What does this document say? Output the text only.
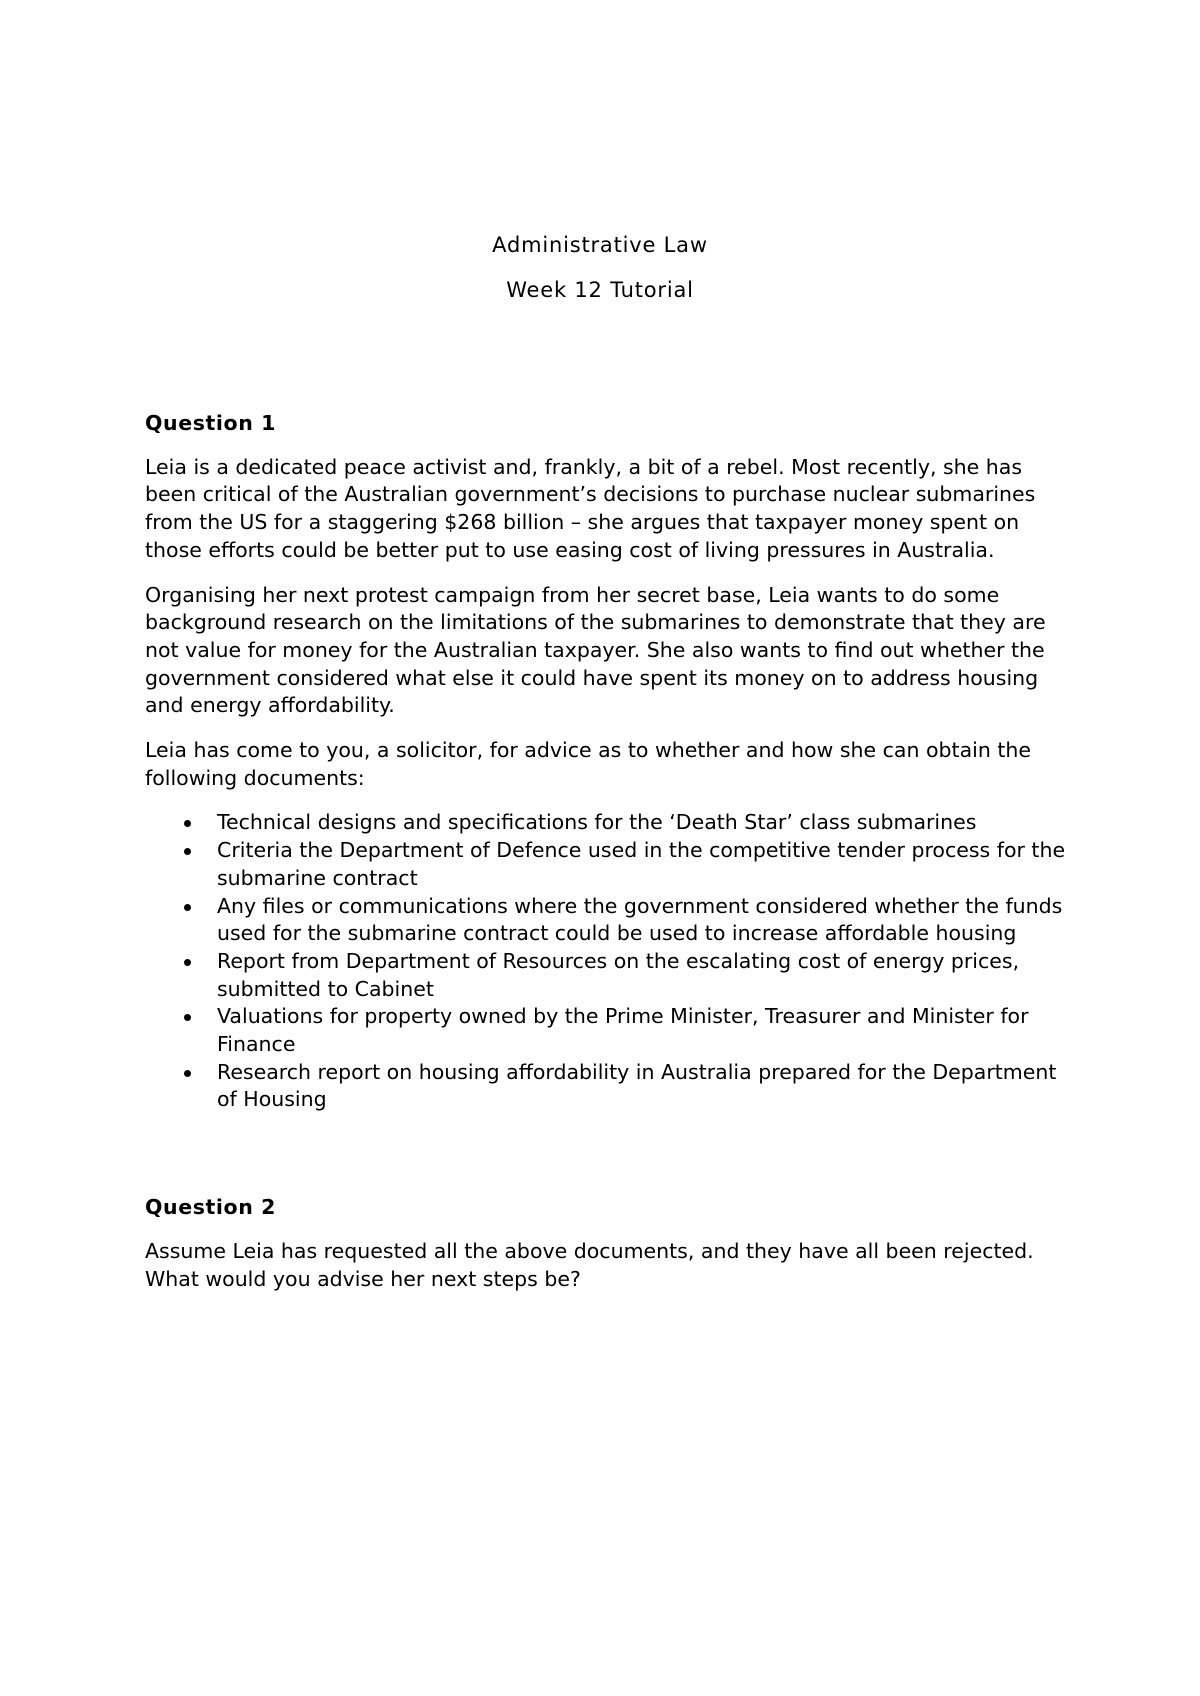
Administrative Law
Week 12 Tutorial
Question 1

Leia is a dedicated peace activist and, frankly, a bit of a rebel. Most recently, she has been critical of the Australian government’s decisions to purchase nuclear submarines from the US for a staggering $268 billion – she argues that taxpayer money spent on those efforts could be better put to use easing cost of living pressures in Australia.

Organising her next protest campaign from her secret base, Leia wants to do some background research on the limitations of the submarines to demonstrate that they are not value for money for the Australian taxpayer. She also wants to find out whether the government considered what else it could have spent its money on to address housing and energy affordability.

Leia has come to you, a solicitor, for advice as to whether and how she can obtain the following documents:

Technical designs and specifications for the ‘Death Star’ class submarines
Criteria the Department of Defence used in the competitive tender process for the submarine contract
Any files or communications where the government considered whether the funds used for the submarine contract could be used to increase affordable housing
Report from Department of Resources on the escalating cost of energy prices, submitted to Cabinet
Valuations for property owned by the Prime Minister, Treasurer and Minister for Finance
Research report on housing affordability in Australia prepared for the Department of Housing
Question 2

Assume Leia has requested all the above documents, and they have all been rejected. What would you advise her next steps be?
